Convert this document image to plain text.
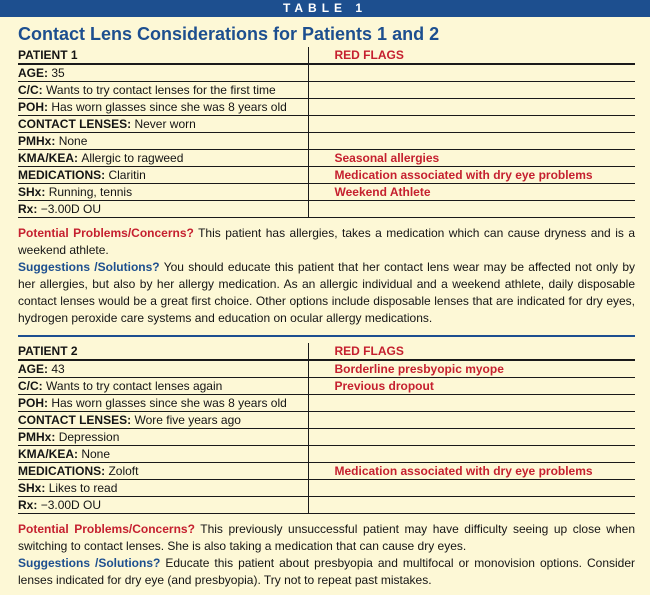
TABLE 1
Contact Lens Considerations for Patients 1 and 2
PATIENT 1	RED FLAGS
AGE: 35	
C/C: Wants to try contact lenses for the first time	
POH: Has worn glasses since she was 8 years old	
CONTACT LENSES: Never worn	
PMHx: None	
KMA/KEA: Allergic to ragweed	Seasonal allergies
MEDICATIONS: Claritin	Medication associated with dry eye problems
SHx: Running, tennis	Weekend Athlete
Rx: −3.00D OU	

Potential Problems/Concerns? This patient has allergies, takes a medication which can cause dryness and is a weekend athlete.

Suggestions /Solutions? You should educate this patient that her contact lens wear may be affected not only by her allergies, but also by her allergy medication. As an allergic individual and a weekend athlete, daily disposable contact lenses would be a great first choice. Other options include disposable lenses that are indicated for dry eyes, hydrogen peroxide care systems and education on ocular allergy medications.

PATIENT 2	RED FLAGS
AGE: 43	Borderline presbyopic myope
C/C: Wants to try contact lenses again	Previous dropout
POH: Has worn glasses since she was 8 years old	
CONTACT LENSES: Wore five years ago	
PMHx: Depression	
KMA/KEA: None	
MEDICATIONS: Zoloft	Medication associated with dry eye problems
SHx: Likes to read	
Rx: −3.00D OU	

Potential Problems/Concerns? This previously unsuccessful patient may have difficulty seeing up close when switching to contact lenses. She is also taking a medication that can cause dry eyes.

Suggestions /Solutions? Educate this patient about presbyopia and multifocal or monovision options. Consider lenses indicated for dry eye (and presbyopia). Try not to repeat past mistakes.
